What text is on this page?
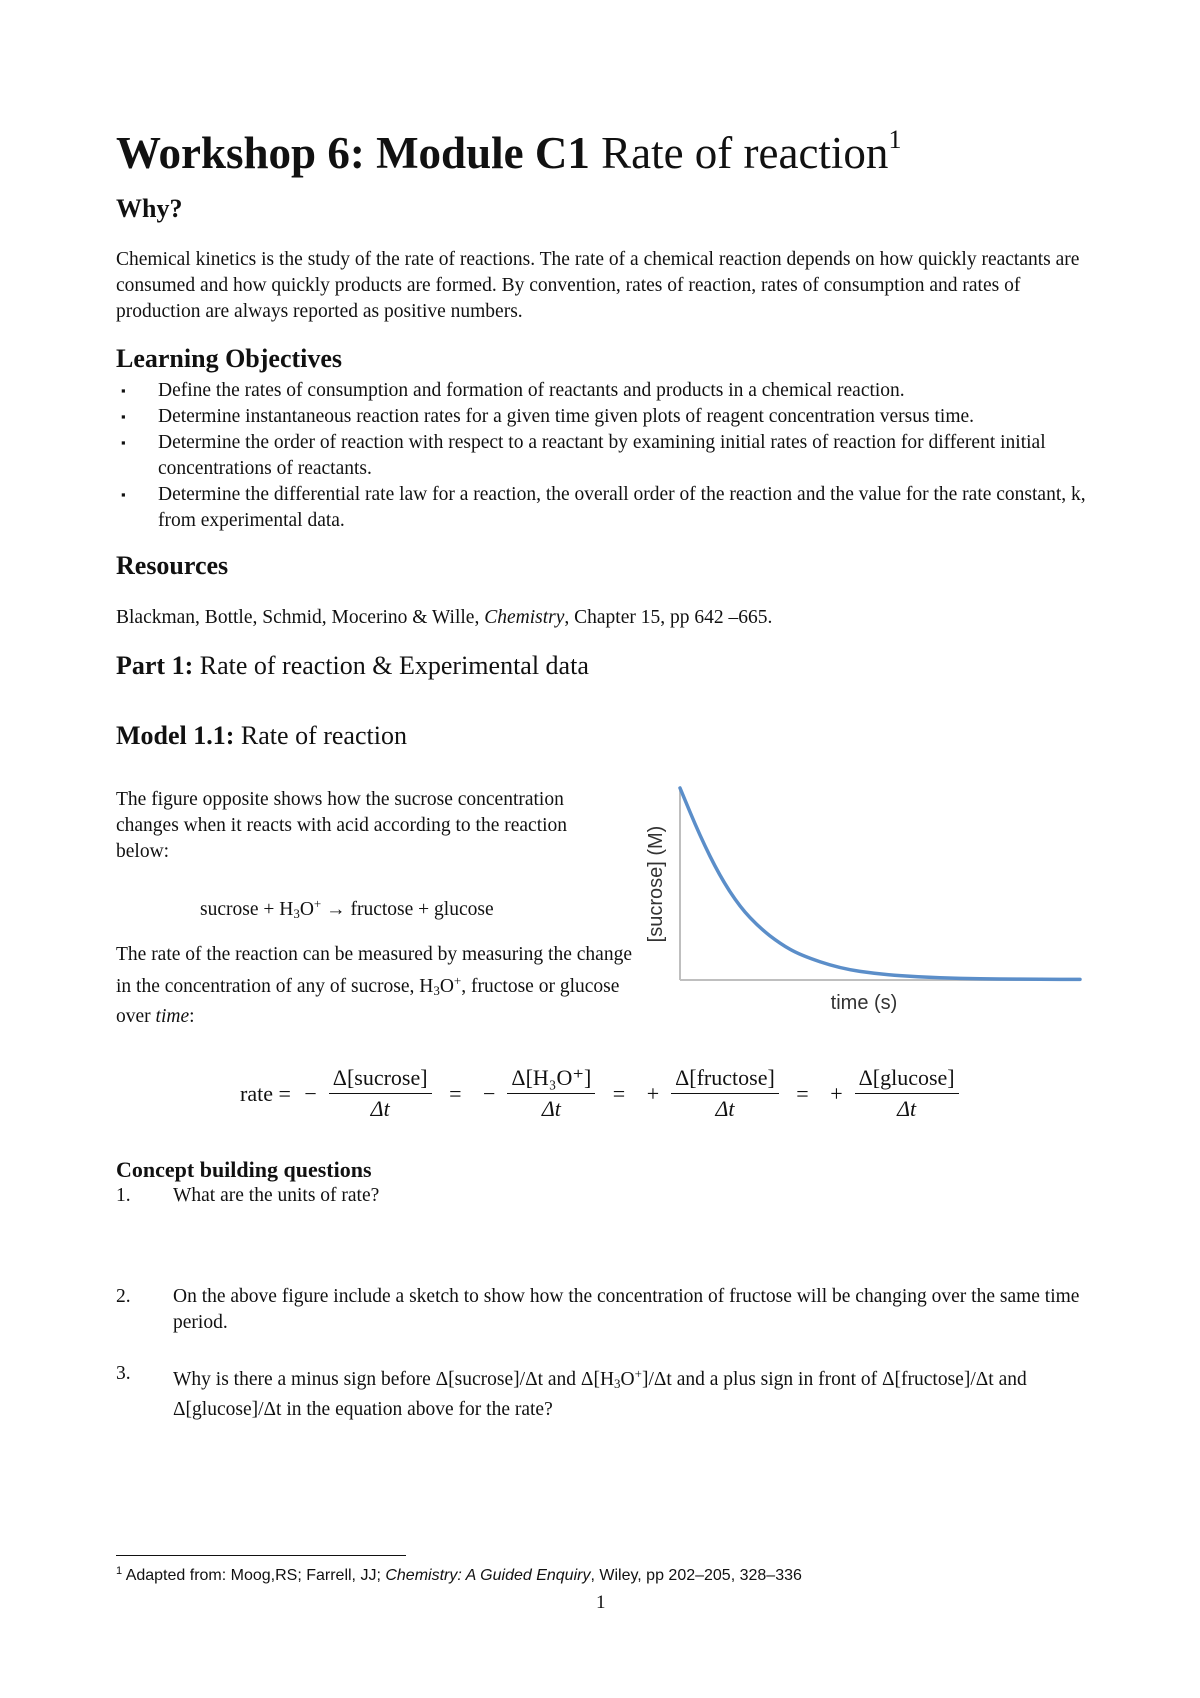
Workshop 6: Module C1 Rate of reaction$^1$
Why?
Chemical kinetics is the study of the rate of reactions. The rate of a chemical reaction depends on how quickly reactants are consumed and how quickly products are formed. By convention, rates of reaction, rates of consumption and rates of production are always reported as positive numbers.
Learning Objectives
▪ Define the rates of consumption and formation of reactants and products in a chemical reaction.
▪ Determine instantaneous reaction rates for a given time given plots of reagent concentration versus time.
▪ Determine the order of reaction with respect to a reactant by examining initial rates of reaction for different initial concentrations of reactants.
▪ Determine the differential rate law for a reaction, the overall order of the reaction and the value for the rate constant, k, from experimental data.
Resources
Blackman, Bottle, Schmid, Mocerino & Wille, Chemistry, Chapter 15, pp 642 –665.
Part 1: Rate of reaction & Experimental data
Model 1.1: Rate of reaction
The figure opposite shows how the sucrose concentration changes when it reacts with acid according to the reaction below:
sucrose + $H_3O^+$ → fructose + glucose
The rate of the reaction can be measured by measuring the change in the concentration of any of sucrose, $H_3O^+$, fructose or glucose over time:
[sucrose] (M)
time (s)
rate = − $\frac{\text{Δ[sucrose]}}{\Delta t}$ = − $\frac{\text{Δ[H₃O⁺]}}{\Delta t}$ = + $\frac{\text{Δ[fructose]}}{\Delta t}$ = + $\frac{\text{Δ[glucose]}}{\Delta t}$
Concept building questions
1. What are the units of rate?
2. On the above figure include a sketch to show how the concentration of fructose will be changing over the same time period.
3. Why is there a minus sign before Δ[sucrose]/Δt and $\Delta[H_3O^+]/\Delta t$ and a plus sign in front of Δ[fructose]/Δt and Δ[glucose]/Δt in the equation above for the rate?
$^1$ Adapted from: Moog,RS; Farrell, JJ; Chemistry: A Guided Enquiry, Wiley, pp 202–205, 328–336
1
